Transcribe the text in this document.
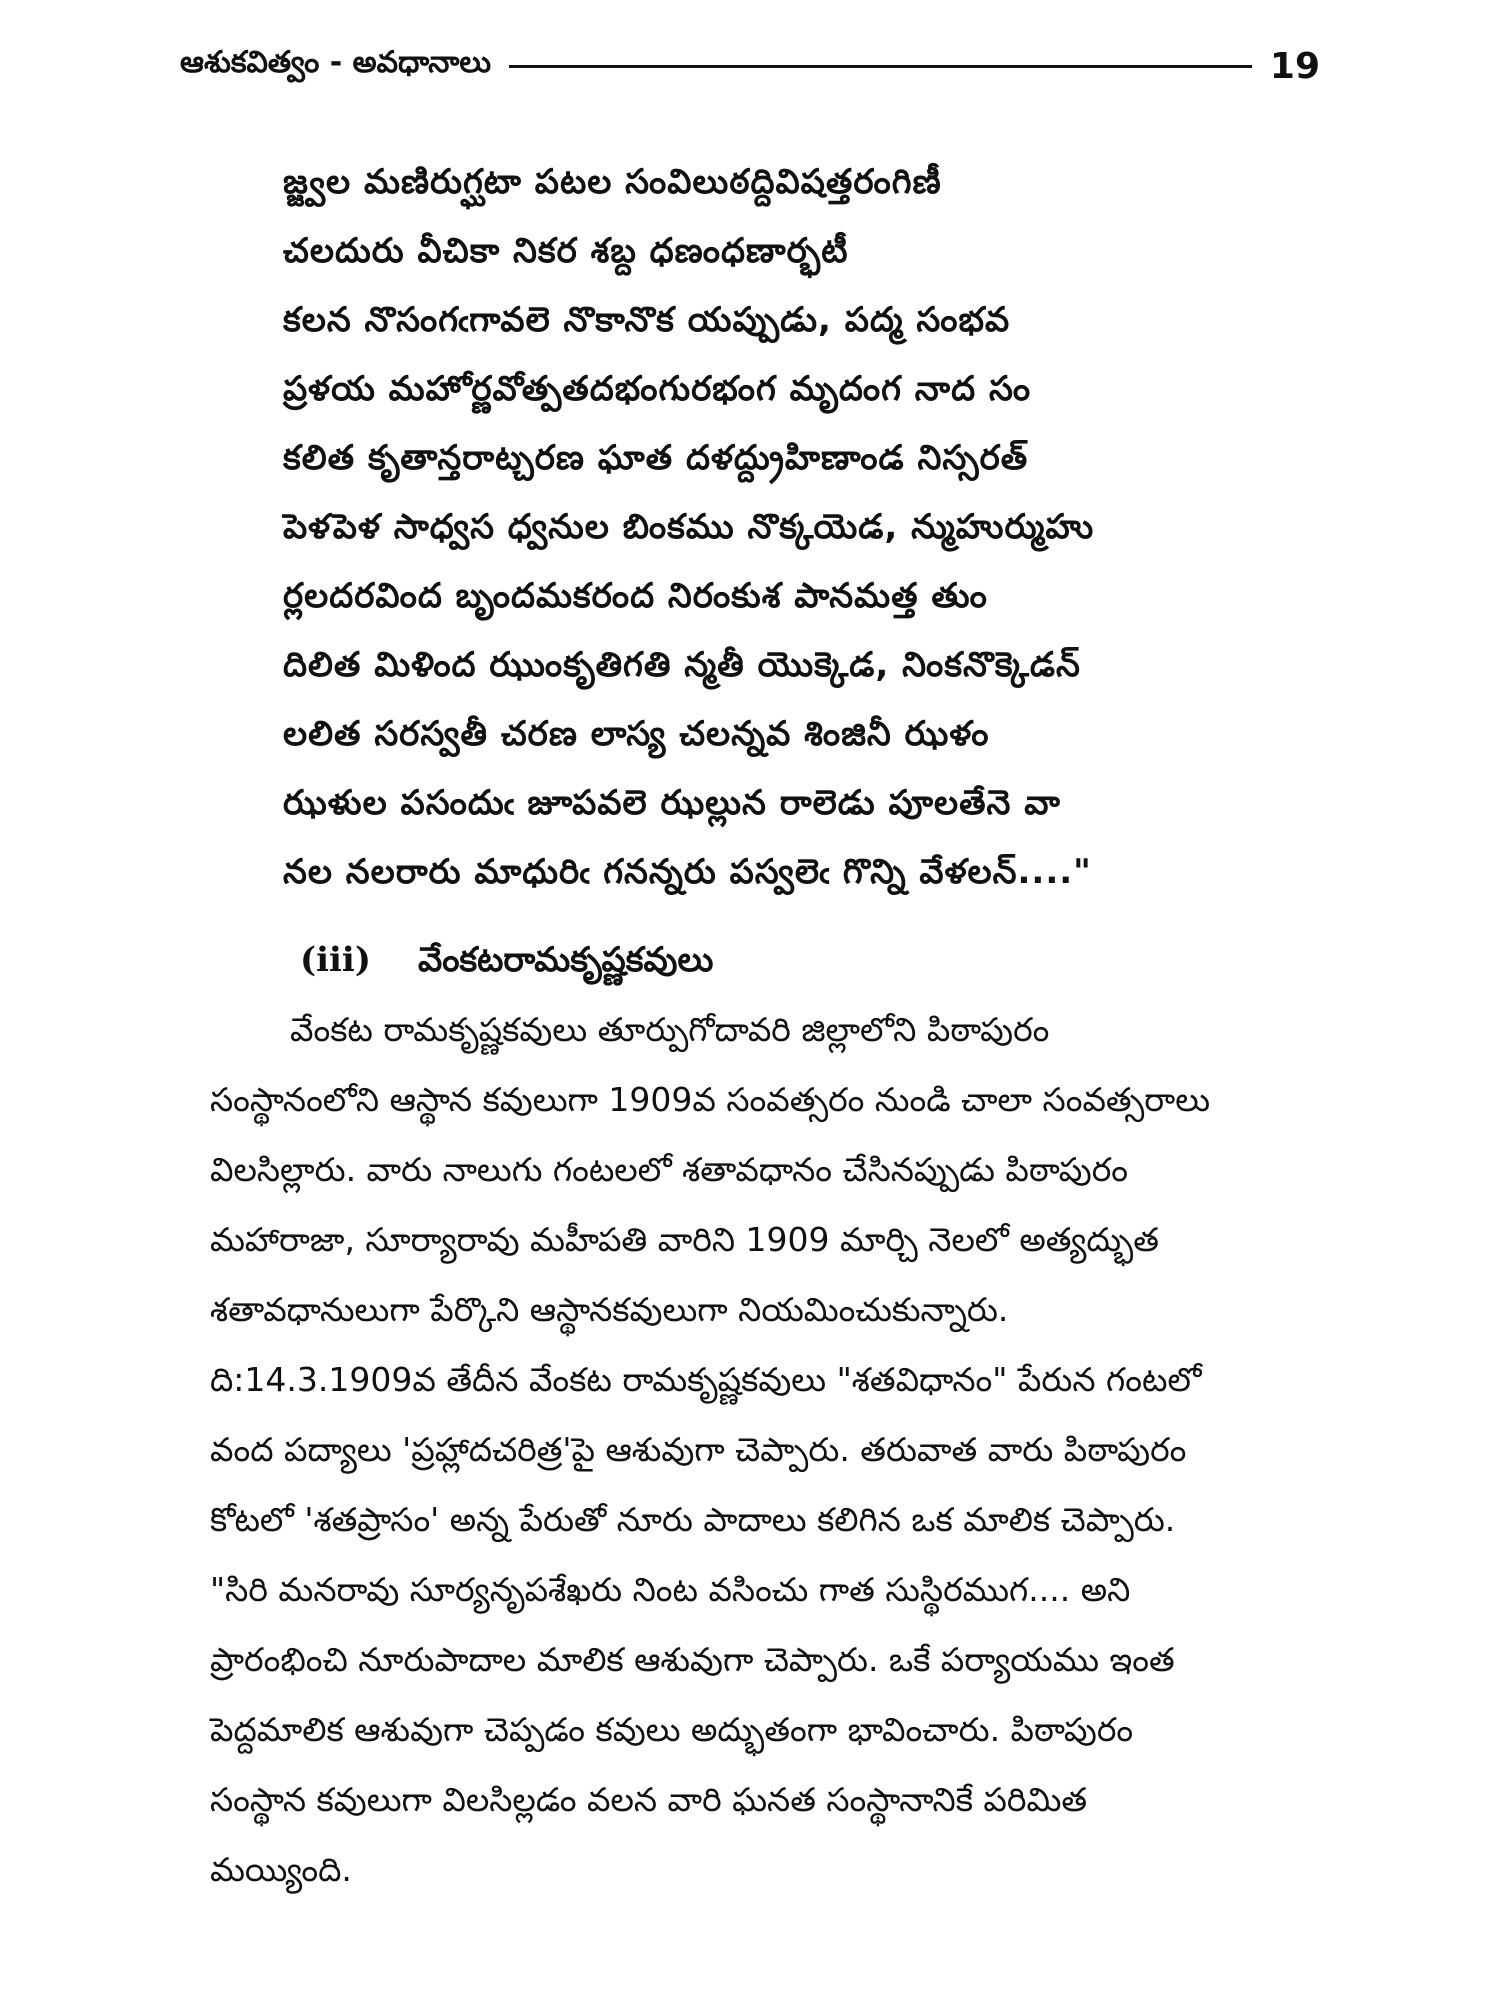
ఆశుకవిత్వం - అవధానాలు	19
జ్జ్వల మణిరుగ్ఘటా పటల సంవిలుఠద్దివిషత్తరంగిణీ
చలదురు వీచికా నికర శబ్ద ధణంధణార్భటీ
కలన నొసంగఁగావలె నొకానొక యప్పుడు, పద్మ సంభవ
ప్రళయ మహోర్ణవోత్పతదభంగురభంగ మృదంగ నాద సం
కలిత కృతాన్తరాట్చరణ ఘాత దళద్ద్రుహిణాండ నిస్సరత్
పెళపెళ సాధ్వస ధ్వనుల బింకము నొక్కయెడ, న్ముహుర్ముహు
ర్లలదరవింద బృందమకరంద నిరంకుశ పానమత్త తుం
దిలిత మిళింద ఝుంకృతిగతి న్మతీ యొక్కెడ, నింకనొక్కెడన్
లలిత సరస్వతీ చరణ లాస్య చలన్నవ శింజినీ ఝళం
ఝళుల పసందుఁ జూపవలె ఝల్లున రాలెడు పూలతేనె వా
నల నలరారు మాధురిఁ గనన్నరు పస్వలెఁ గొన్ని వేళలన్...."
(iii) వేంకటరామకృష్ణకవులు
వేంకట రామకృష్ణకవులు తూర్పుగోదావరి జిల్లాలోని పిఠాపురం
సంస్థానంలోని ఆస్థాన కవులుగా 1909వ సంవత్సరం నుండి చాలా సంవత్సరాలు
విలసిల్లారు. వారు నాలుగు గంటలలో శతావధానం చేసినప్పుడు పిఠాపురం
మహారాజా, సూర్యారావు మహీపతి వారిని 1909 మార్చి నెలలో అత్యద్భుత
శతావధానులుగా పేర్కొని ఆస్థానకవులుగా నియమించుకున్నారు.
ది:14.3.1909వ తేదీన వేంకట రామకృష్ణకవులు "శతవిధానం" పేరున గంటలో
వంద పద్యాలు 'ప్రహ్లాదచరిత్ర'పై ఆశువుగా చెప్పారు. తరువాత వారు పిఠాపురం
కోటలో 'శతప్రాసం' అన్న పేరుతో నూరు పాదాలు కలిగిన ఒక మాలిక చెప్పారు.
"సిరి మనరావు సూర్యనృపశేఖరు నింట వసించు గాత సుస్థిరముగ.... అని
ప్రారంభించి నూరుపాదాల మాలిక ఆశువుగా చెప్పారు. ఒకే పర్యాయము ఇంత
పెద్దమాలిక ఆశువుగా చెప్పడం కవులు అద్భుతంగా భావించారు. పిఠాపురం
సంస్థాన కవులుగా విలసిల్లడం వలన వారి ఘనత సంస్థానానికే పరిమిత
మయ్యింది.
